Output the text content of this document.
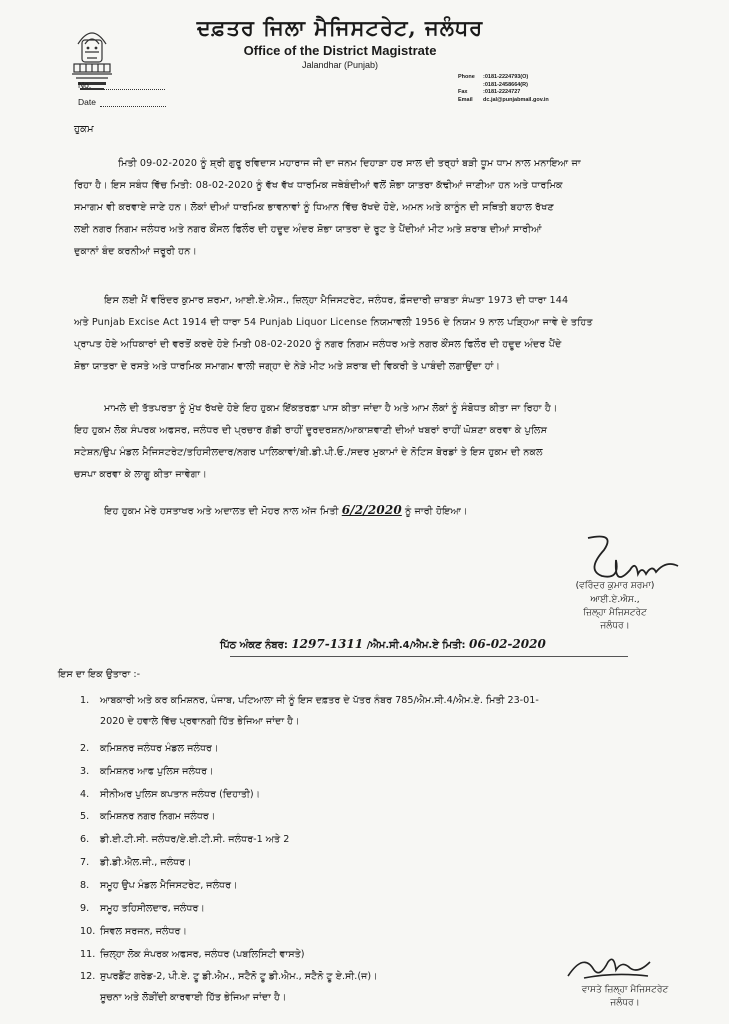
ਦਫ਼ਤਰ ਜਿਲਾ ਮੈਜਿਸਟਰੇਟ, ਜਲੰਧਰ
Office of the District Magistrate
Jalandhar (Punjab)
Phone :0181-2224793(O)
:0181-2458664(R)
Fax	:0181-2224727
Email dc.jal@punjabmail.gov.in
No.
Date
ਹੁਕਮ
ਮਿਤੀ 09-02-2020 ਨੂੰ ਸ਼੍ਰੀ ਗੁਰੂ ਰਵਿਦਾਸ ਮਹਾਰਾਜ ਜੀ ਦਾ ਜਨਮ ਦਿਹਾੜਾ ਹਰ ਸਾਲ ਦੀ ਤਰ੍ਹਾਂ ਬੜੀ ਧੂਮ ਧਾਮ ਨਾਲ ਮਨਾਇਆ ਜਾ
ਰਿਹਾ ਹੈ। ਇਸ ਸਬੰਧ ਵਿੱਚ ਮਿਤੀ: 08-02-2020 ਨੂੰ ਵੱਖ ਵੱਖ ਧਾਰਮਿਕ ਜਥੇਬੰਦੀਆਂ ਵਲੋਂ ਸ਼ੋਭਾ ਯਾਤਰਾ ਕੱਢੀਆਂ ਜਾਣੀਆ ਹਨ ਅਤੇ ਧਾਰਮਿਕ
ਸਮਾਗਮ ਵੀ ਕਰਵਾਏ ਜਾਣੇ ਹਨ। ਲੋਕਾਂ ਦੀਆਂ ਧਾਰਮਿਕ ਭਾਵਨਾਵਾਂ ਨੂੰ ਧਿਆਨ ਵਿੱਚ ਰੱਖਦੇ ਹੋਏ, ਅਮਨ ਅਤੇ ਕਾਨੂੰਨ ਦੀ ਸਥਿਤੀ ਬਹਾਲ ਰੱਖਣ
ਲਈ ਨਗਰ ਨਿਗਮ ਜਲੰਧਰ ਅਤੇ ਨਗਰ ਕੌਂਸਲ ਫਿਲੌਰ ਦੀ ਹਦੂਦ ਅੰਦਰ ਸ਼ੋਭਾ ਯਾਤਰਾ ਦੇ ਰੂਟ ਤੇ ਪੈਂਦੀਆਂ ਮੀਟ ਅਤੇ ਸ਼ਰਾਬ ਦੀਆਂ ਸਾਰੀਆਂ
ਦੁਕਾਨਾਂ ਬੰਦ ਕਰਨੀਆਂ ਜਰੂਰੀ ਹਨ।
ਇਸ ਲਈ ਮੈਂ ਵਰਿੰਦਰ ਕੁਮਾਰ ਸ਼ਰਮਾ, ਆਈ.ਏ.ਐਸ., ਜ਼ਿਲ੍ਹਾ ਮੈਜਿਸਟਰੇਟ, ਜਲੰਧਰ, ਫ਼ੌਜਦਾਰੀ ਜ਼ਾਬਤਾ ਸੰਘਤਾ 1973 ਦੀ ਧਾਰਾ 144
ਅਤੇ Punjab Excise Act 1914 ਦੀ ਧਾਰਾ 54 Punjab Liquor License ਨਿਯਮਾਵਲੀ 1956 ਦੇ ਨਿਯਮ 9 ਨਾਲ ਪੜ੍ਹਿਆ ਜਾਵੇ ਦੇ ਤਹਿਤ
ਪ੍ਰਾਪਤ ਹੋਏ ਅਧਿਕਾਰਾਂ ਦੀ ਵਰਤੋਂ ਕਰਦੇ ਹੋਏ ਮਿਤੀ 08-02-2020 ਨੂੰ ਨਗਰ ਨਿਗਮ ਜਲੰਧਰ ਅਤੇ ਨਗਰ ਕੌਂਸਲ ਫਿਲੌਰ ਦੀ ਹਦੂਦ ਅੰਦਰ ਪੈਂਦੇ
ਸ਼ੋਭਾ ਯਾਤਰਾ ਦੇ ਰਸਤੇ ਅਤੇ ਧਾਰਮਿਕ ਸਮਾਗਮ ਵਾਲੀ ਜਗ੍ਹਾ ਦੇ ਨੇੜੇ ਮੀਟ ਅਤੇ ਸ਼ਰਾਬ ਦੀ ਵਿਕਰੀ ਤੇ ਪਾਬੰਦੀ ਲਗਾਉਂਦਾ ਹਾਂ।
ਮਾਮਲੇ ਦੀ ਤੱਤਪਰਤਾ ਨੂੰ ਮੁੱਖ ਰੱਖਦੇ ਹੋਏ ਇਹ ਹੁਕਮ ਇੱਕਤਰਫ਼ਾ ਪਾਸ ਕੀਤਾ ਜਾਂਦਾ ਹੈ ਅਤੇ ਆਮ ਲੋਕਾਂ ਨੂੰ ਸੰਬੋਧਤ ਕੀਤਾ ਜਾ ਰਿਹਾ ਹੈ।
ਇਹ ਹੁਕਮ ਲੋਕ ਸੰਪਰਕ ਅਫਸਰ, ਜਲੰਧਰ ਦੀ ਪ੍ਰਚਾਰ ਗੱਡੀ ਰਾਹੀਂ ਦੂਰਦਰਸ਼ਨ/ਆਕਾਸ਼ਵਾਣੀ ਦੀਆਂ ਖਬਰਾਂ ਰਾਹੀਂ ਘੋਸ਼ਣਾ ਕਰਵਾ ਕੇ ਪੁਲਿਸ
ਸਟੇਸ਼ਨ/ਉਪ ਮੰਡਲ ਮੈਜਿਸਟਰੇਟ/ਤਹਿਸੀਲਦਾਰ/ਨਗਰ ਪਾਲਿਕਾਵਾਂ/ਬੀ.ਡੀ.ਪੀ.ਓ./ਸਦਰ ਮੁਕਾਮਾਂ ਦੇ ਨੋਟਿਸ ਬੋਰਡਾਂ ਤੇ ਇਸ ਹੁਕਮ ਦੀ ਨਕਲ
ਚਸਪਾ ਕਰਵਾ ਕੇ ਲਾਗੂ ਕੀਤਾ ਜਾਵੇਗਾ।
ਇਹ ਹੁਕਮ ਮੇਰੇ ਹਸਤਾਖਰ ਅਤੇ ਅਦਾਲਤ ਦੀ ਮੋਹਰ ਨਾਲ ਅੱਜ ਮਿਤੀ 6/2/2020 ਨੂੰ ਜਾਰੀ ਹੋਇਆ।
(ਵਰਿੰਦਰ ਕੁਮਾਰ ਸ਼ਰਮਾ)
ਆਈ.ਏ.ਐਸ.,
ਜ਼ਿਲ੍ਹਾ ਮੈਜਿਸਟਰੇਟ
ਜਲੰਧਰ।
ਪਿੱਠ ਅੰਕਣ ਨੰਬਰ: 1297-1311 /ਐਮ.ਸੀ.4/ਐਮ.ਏ ਮਿਤੀ: 06-02-2020
ਇਸ ਦਾ ਇਕ ਉਤਾਰਾ :-
1. ਆਬਕਾਰੀ ਅਤੇ ਕਰ ਕਮਿਸ਼ਨਰ, ਪੰਜਾਬ, ਪਟਿਆਲਾ ਜੀ ਨੂੰ ਇਸ ਦਫ਼ਤਰ ਦੇ ਪੱਤਰ ਨੰਬਰ 785/ਐਮ.ਸੀ.4/ਐਮ.ਏ. ਮਿਤੀ 23-01-
2020 ਦੇ ਹਵਾਲੇ ਵਿੱਚ ਪ੍ਰਵਾਨਗੀ ਹਿੱਤ ਭੇਜਿਆ ਜਾਂਦਾ ਹੈ।
2. ਕਮਿਸ਼ਨਰ ਜਲੰਧਰ ਮੰਡਲ ਜਲੰਧਰ।
3. ਕਮਿਸ਼ਨਰ ਆਫ ਪੁਲਿਸ ਜਲੰਧਰ।
4. ਸੀਨੀਅਰ ਪੁਲਿਸ ਕਪਤਾਨ ਜਲੰਧਰ (ਦਿਹਾਤੀ)।
5. ਕਮਿਸ਼ਨਰ ਨਗਰ ਨਿਗਮ ਜਲੰਧਰ।
6. ਡੀ.ਈ.ਟੀ.ਸੀ. ਜਲੰਧਰ/ਏ.ਈ.ਟੀ.ਸੀ. ਜਲੰਧਰ-1 ਅਤੇ 2
7. ਡੀ.ਡੀ.ਐਲ.ਜੀ., ਜਲੰਧਰ।
8. ਸਮੂਹ ਉਪ ਮੰਡਲ ਮੈਜਿਸਟਰੇਟ, ਜਲੰਧਰ।
9. ਸਮੂਹ ਤਹਿਸੀਲਦਾਰ, ਜਲੰਧਰ।
10. ਸਿਵਲ ਸਰਜਨ, ਜਲੰਧਰ।
11. ਜ਼ਿਲ੍ਹਾ ਲੋਕ ਸੰਪਰਕ ਅਫਸਰ, ਜਲੰਧਰ (ਪਬਲਿਸਿਟੀ ਵਾਸਤੇ)
12. ਸੁਪਰਡੈਂਟ ਗਰੇਡ-2, ਪੀ.ਏ. ਟੂ ਡੀ.ਐਮ., ਸਟੈਨੋ ਟੂ ਡੀ.ਐਮ., ਸਟੈਨੋ ਟੂ ਏ.ਸੀ.(ਜ)।
ਸੂਚਨਾ ਅਤੇ ਲੋੜੀਂਦੀ ਕਾਰਵਾਈ ਹਿੱਤ ਭੇਜਿਆ ਜਾਂਦਾ ਹੈ।
ਵਾਸਤੇ ਜ਼ਿਲ੍ਹਾ ਮੈਜਿਸਟਰੇਟ
ਜਲੰਧਰ।
